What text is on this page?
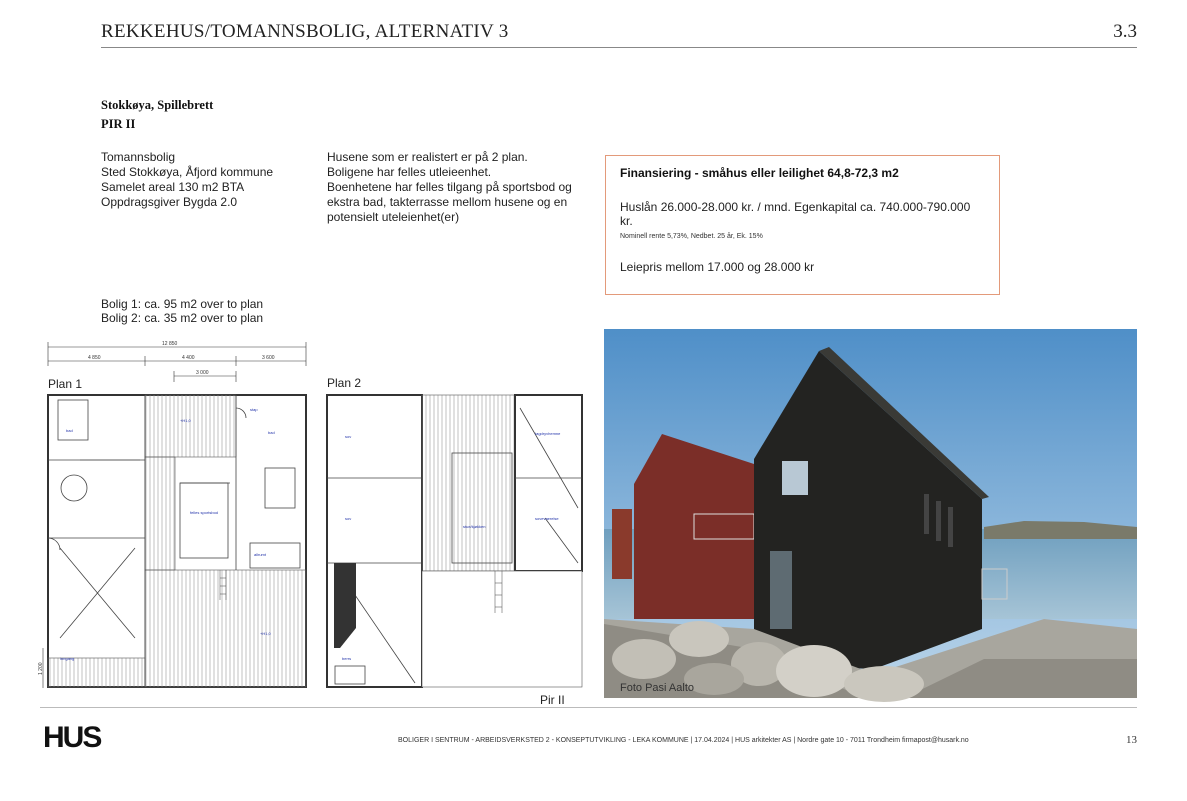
REKKEHUS/TOMANNSBOLIG, ALTERNATIV 3	3.3
Stokkøya, Spillebrett
PIR II
Tomannsbolig
Sted Stokkøya, Åfjord kommune
Samelet areal 130 m2 BTA
Oppdragsgiver Bygda 2.0
Husene som er realistert er på 2 plan.
Boligene har felles utleieenhet.
Boenhetene har felles tilgang på sportsbod og ekstra bad, takterrasse mellom husene og en potensielt uteleienhet(er)
Finansiering - småhus eller leilighet 64,8-72,3 m2
Huslån 26.000-28.000 kr. / mnd. Egenkapital ca. 740.000-790.000 kr.
Nominell rente 5,73%, Nedbet. 25 år, Ek. 15%
Leiepris mellom 17.000 og 28.000 kr
Bolig 1: ca. 95 m2 over to plan
Bolig 2: ca. 35 m2 over to plan
12 850
4 850	4 400	3 600
3 000
1 200
Plan 1	Plan 2
bad
+H1,0
felles sportsbod
bad
stap
allrumt
+H1,0
inngang
sov
sov
stue/kjøkken
tagdryvhemne
sovevaerelse
berrs
Pir II
Foto Pasi Aalto
HUS	BOLIGER I SENTRUM - ARBEIDSVERKSTED 2 - KONSEPTUTVIKLING - LEKA KOMMUNE | 17.04.2024 | HUS arkitekter AS | Nordre gate 10 - 7011 Trondheim firmapost@husark.no	13
